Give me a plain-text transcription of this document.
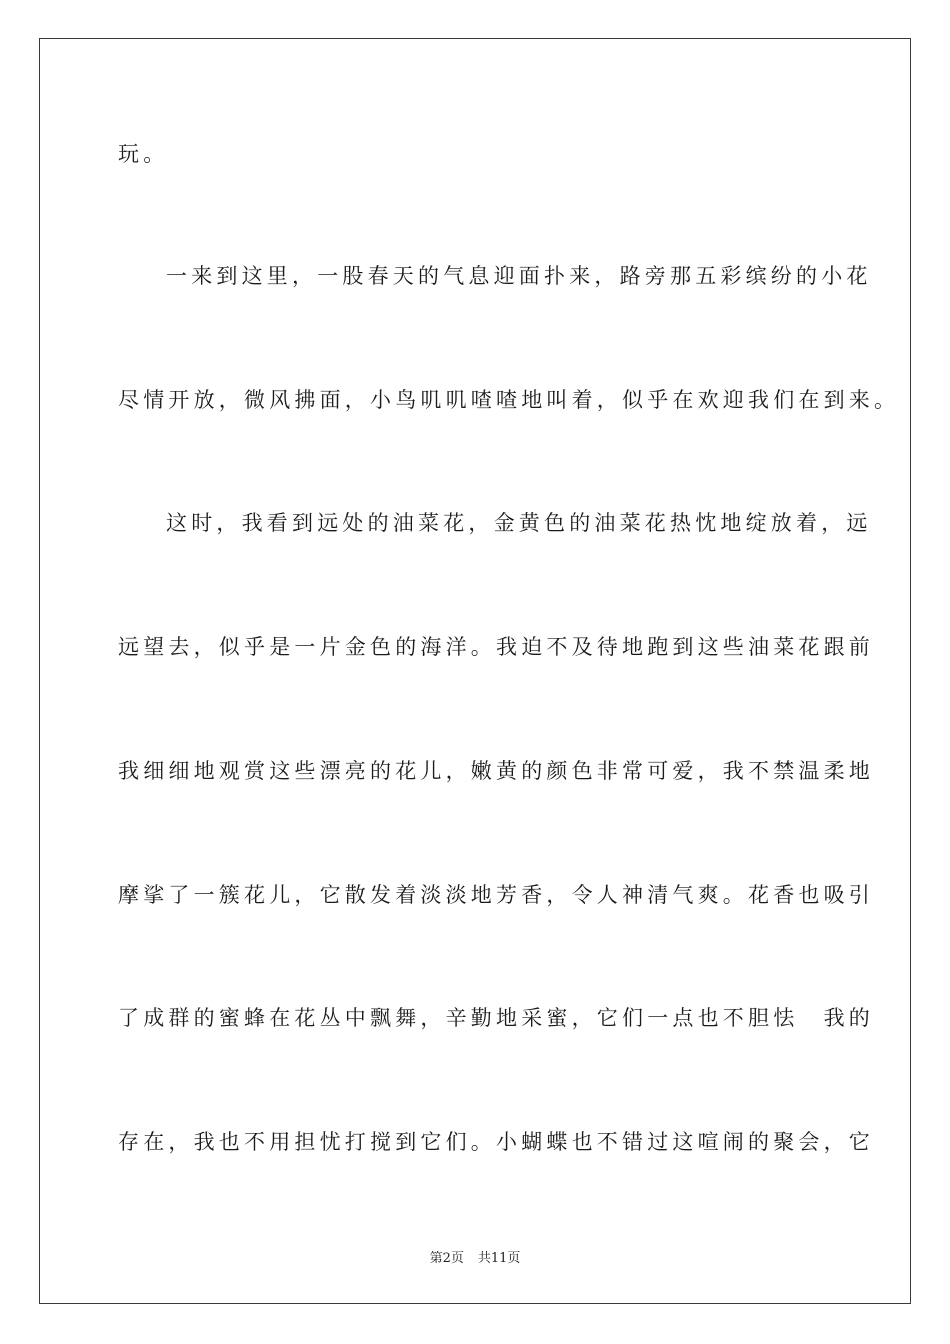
玩。
一来到这里，一股春天的气息迎面扑来，路旁那五彩缤纷的小花
尽情开放，微风拂面，小鸟叽叽喳喳地叫着，似乎在欢迎我们在到来。
这时，我看到远处的油菜花，金黄色的油菜花热忱地绽放着，远
远望去，似乎是一片金色的海洋。我迫不及待地跑到这些油菜花跟前
我细细地观赏这些漂亮的花儿，嫩黄的颜色非常可爱，我不禁温柔地
摩挲了一簇花儿，它散发着淡淡地芳香，令人神清气爽。花香也吸引
了成群的蜜蜂在花丛中飘舞，辛勤地采蜜，它们一点也不胆怯　我的
存在，我也不用担忧打搅到它们。小蝴蝶也不错过这喧闹的聚会，它
第2页 共11页
